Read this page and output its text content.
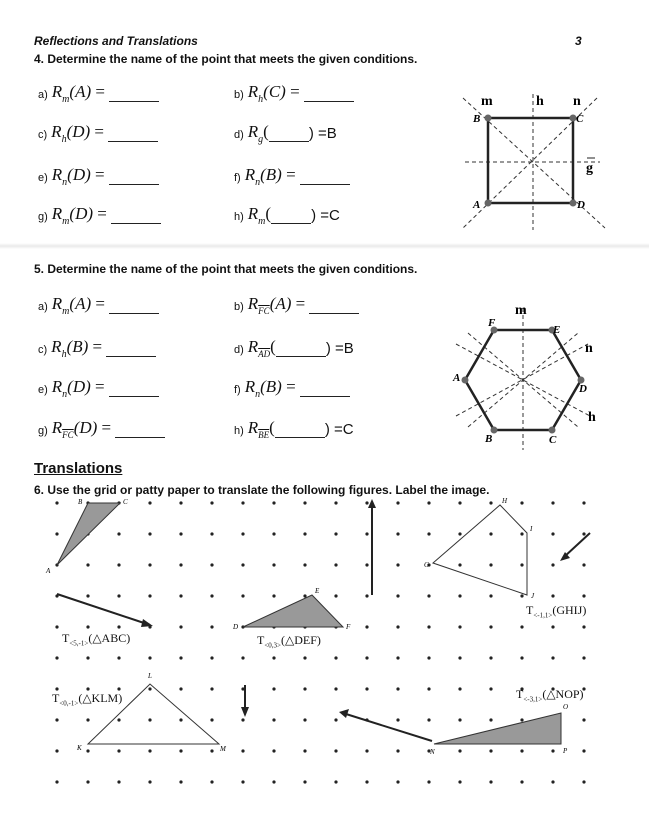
Reflections and Translations	3
4. Determine the name of the point that meets the given conditions.
a) $R_m(A)$ =	b) $R_h(C)$ =
c) $R_h(D)$ =	d) $R_g$(	) = B
e) $R_n(D)$ =	f) $R_n(B)$ =
g) $R_m(D)$ =	h) $R_m$(	) = C
m	h n
g
B	C
A	D
5. Determine the name of the point that meets the given conditions.
a) $R_m(A)$ =	b) $R_{\overline{FC}}(A)$ =
c) $R_h(B)$ =	d) $R_{\overline{AD}}$(	) = B
e) $R_n(D)$ =	f) $R_n(B)$ =
g) $R_{\overline{FC}}(D)$ =	h) $R_{\overline{BE}}$(	) = C
m
n
h
F
E
A
D
B	C
Translations
6. Use the grid or patty paper to translate the following figures. Label the image.
B	C
A
D
E
F
G
H
I
J
K
L
M	N
O
P
$T_{<5,-1>}(\triangle ABC)$	$T_{<0,3>}(\triangle DEF)$
$T_{<-1,1>}(GHIJ)$
$T_{<0,-1>}(\triangle KLM)$	$T_{<-3,1>}(\triangle NOP)$
